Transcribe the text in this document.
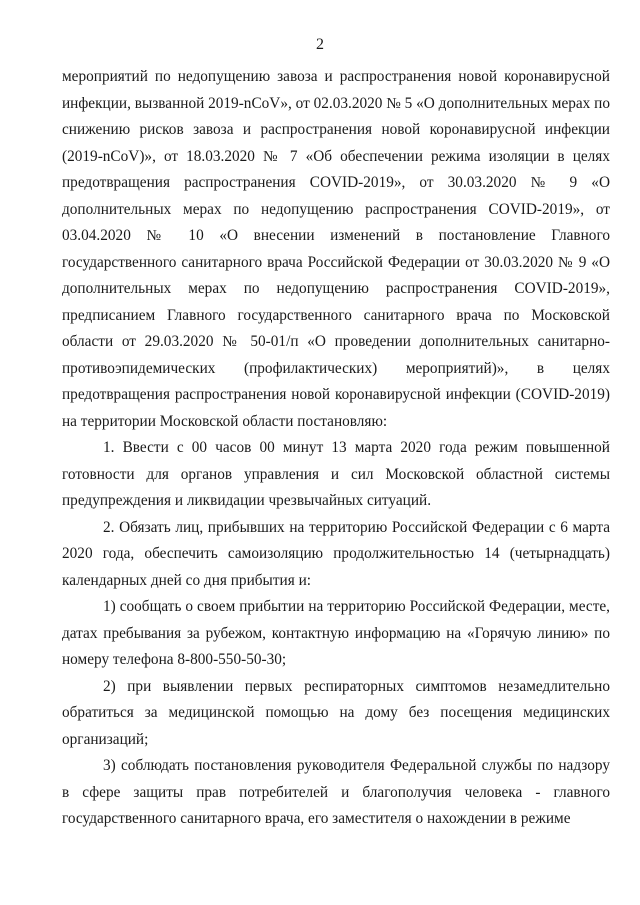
2

мероприятий по недопущению завоза и распространения новой коронавирусной инфекции, вызванной 2019-nCoV», от 02.03.2020 № 5 «О дополнительных мерах по снижению рисков завоза и распространения новой коронавирусной инфекции (2019-nCoV)», от 18.03.2020 № 7 «Об обеспечении режима изоляции в целях предотвращения распространения COVID-2019», от 30.03.2020 № 9 «О дополнительных мерах по недопущению распространения COVID-2019», от 03.04.2020 № 10 «О внесении изменений в постановление Главного государственного санитарного врача Российской Федерации от 30.03.2020 № 9 «О дополнительных мерах по недопущению распространения COVID-2019», предписанием Главного государственного санитарного врача по Московской области от 29.03.2020 № 50-01/п «О проведении дополнительных санитарно-противоэпидемических (профилактических) мероприятий)», в целях предотвращения распространения новой коронавирусной инфекции (COVID-2019) на территории Московской области постановляю:

1. Ввести с 00 часов 00 минут 13 марта 2020 года режим повышенной готовности для органов управления и сил Московской областной системы предупреждения и ликвидации чрезвычайных ситуаций.

2. Обязать лиц, прибывших на территорию Российской Федерации с 6 марта 2020 года, обеспечить самоизоляцию продолжительностью 14 (четырнадцать) календарных дней со дня прибытия и:

1) сообщать о своем прибытии на территорию Российской Федерации, месте, датах пребывания за рубежом, контактную информацию на «Горячую линию» по номеру телефона 8-800-550-50-30;

2) при выявлении первых респираторных симптомов незамедлительно обратиться за медицинской помощью на дому без посещения медицинских организаций;

3) соблюдать постановления руководителя Федеральной службы по надзору в сфере защиты прав потребителей и благополучия человека - главного государственного санитарного врача, его заместителя о нахождении в режиме
